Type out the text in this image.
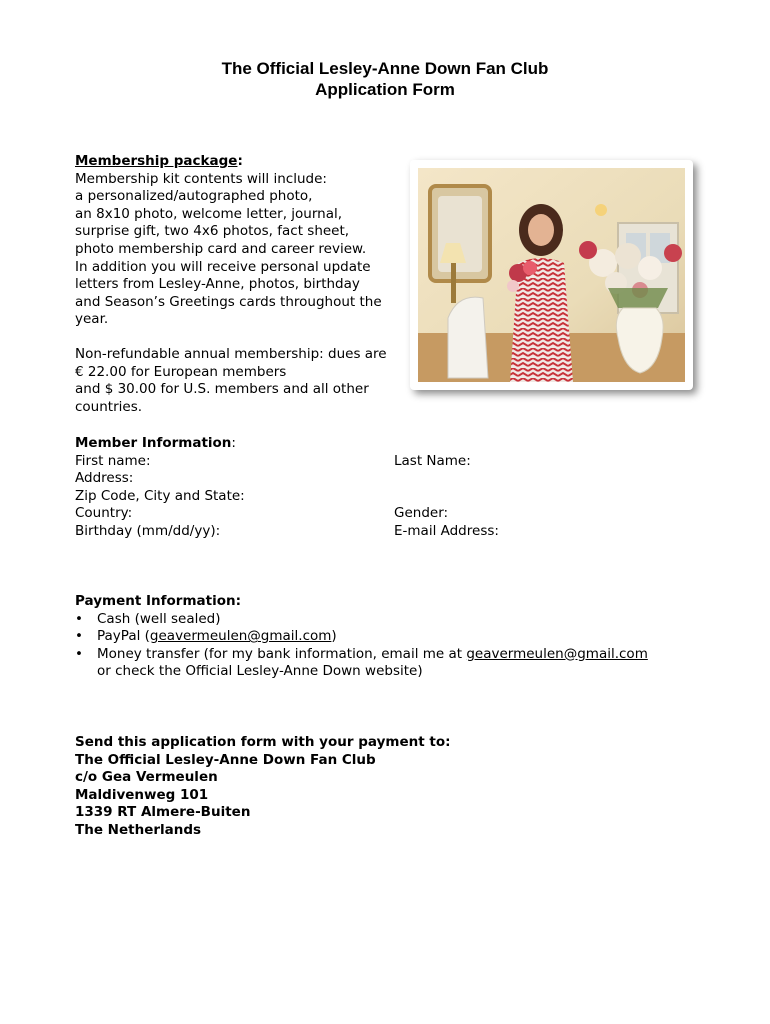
The Official Lesley-Anne Down Fan Club
Application Form
Membership package:
Membership kit contents will include:
a personalized/autographed photo,
an 8x10 photo, welcome letter, journal,
surprise gift, two 4x6 photos, fact sheet,
photo membership card and career review.
In addition you will receive personal update
letters from Lesley-Anne, photos, birthday
and Season’s Greetings cards throughout the
year.
Non-refundable annual membership: dues are
€ 22.00 for European members
and $ 30.00 for U.S. members and all other
countries.
Member Information:
First name:
Address:
Zip Code, City and State:
Country:
Birthday (mm/dd/yy):
Last Name:
Gender:
E-mail Address:
Payment Information:
• Cash (well sealed)
• PayPal (geavermeulen@gmail.com)
• Money transfer (for my bank information, email me at geavermeulen@gmail.com
or check the Official Lesley-Anne Down website)
Send this application form with your payment to:
The Official Lesley-Anne Down Fan Club
c/o Gea Vermeulen
Maldivenweg 101
1339 RT Almere-Buiten
The Netherlands
